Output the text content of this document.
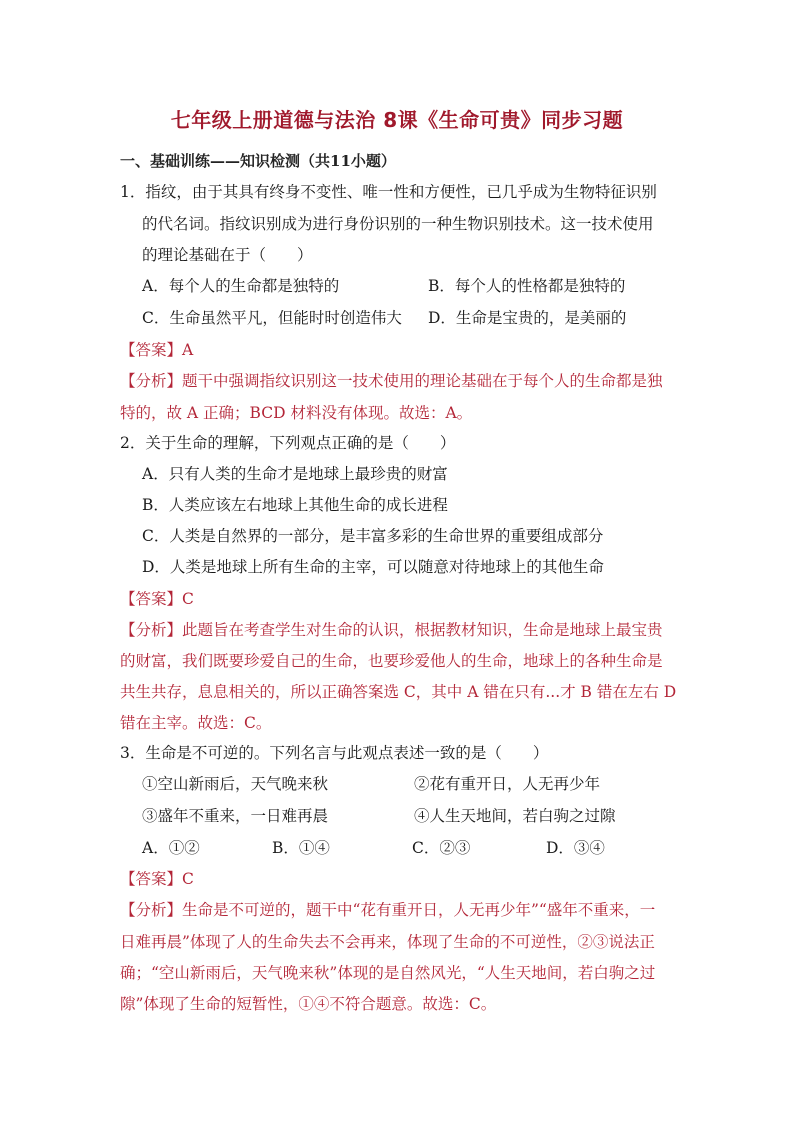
七年级上册道德与法治 8课《生命可贵》同步习题
一、基础训练——知识检测（共11小题）
1．指纹，由于其具有终身不变性、唯一性和方便性，已几乎成为生物特征识别
的代名词。指纹识别成为进行身份识别的一种生物识别技术。这一技术使用
的理论基础在于（　　）
A．每个人的生命都是独特的	B．每个人的性格都是独特的
C．生命虽然平凡，但能时时创造伟大 D．生命是宝贵的，是美丽的
【答案】A
【分析】题干中强调指纹识别这一技术使用的理论基础在于每个人的生命都是独
特的，故 A 正确；BCD 材料没有体现。故选：A。
2．关于生命的理解，下列观点正确的是（　　）
A．只有人类的生命才是地球上最珍贵的财富
B．人类应该左右地球上其他生命的成长进程
C．人类是自然界的一部分，是丰富多彩的生命世界的重要组成部分
D．人类是地球上所有生命的主宰，可以随意对待地球上的其他生命
【答案】C
【分析】此题旨在考查学生对生命的认识，根据教材知识，生命是地球上最宝贵
的财富，我们既要珍爱自己的生命，也要珍爱他人的生命，地球上的各种生命是
共生共存，息息相关的，所以正确答案选 C，其中 A 错在只有...才 B 错在左右 D
错在主宰。故选：C。
3．生命是不可逆的。下列名言与此观点表述一致的是（　　）
①空山新雨后，天气晚来秋	②花有重开日，人无再少年
③盛年不重来，一日难再晨	④人生天地间，若白驹之过隙
A．①②	B．①④	C．②③	D．③④
【答案】C
【分析】生命是不可逆的，题干中“花有重开日，人无再少年”“盛年不重来，一
日难再晨”体现了人的生命失去不会再来，体现了生命的不可逆性，②③说法正
确；“空山新雨后，天气晚来秋”体现的是自然风光，“人生天地间，若白驹之过
隙”体现了生命的短暂性，①④不符合题意。故选：C。
